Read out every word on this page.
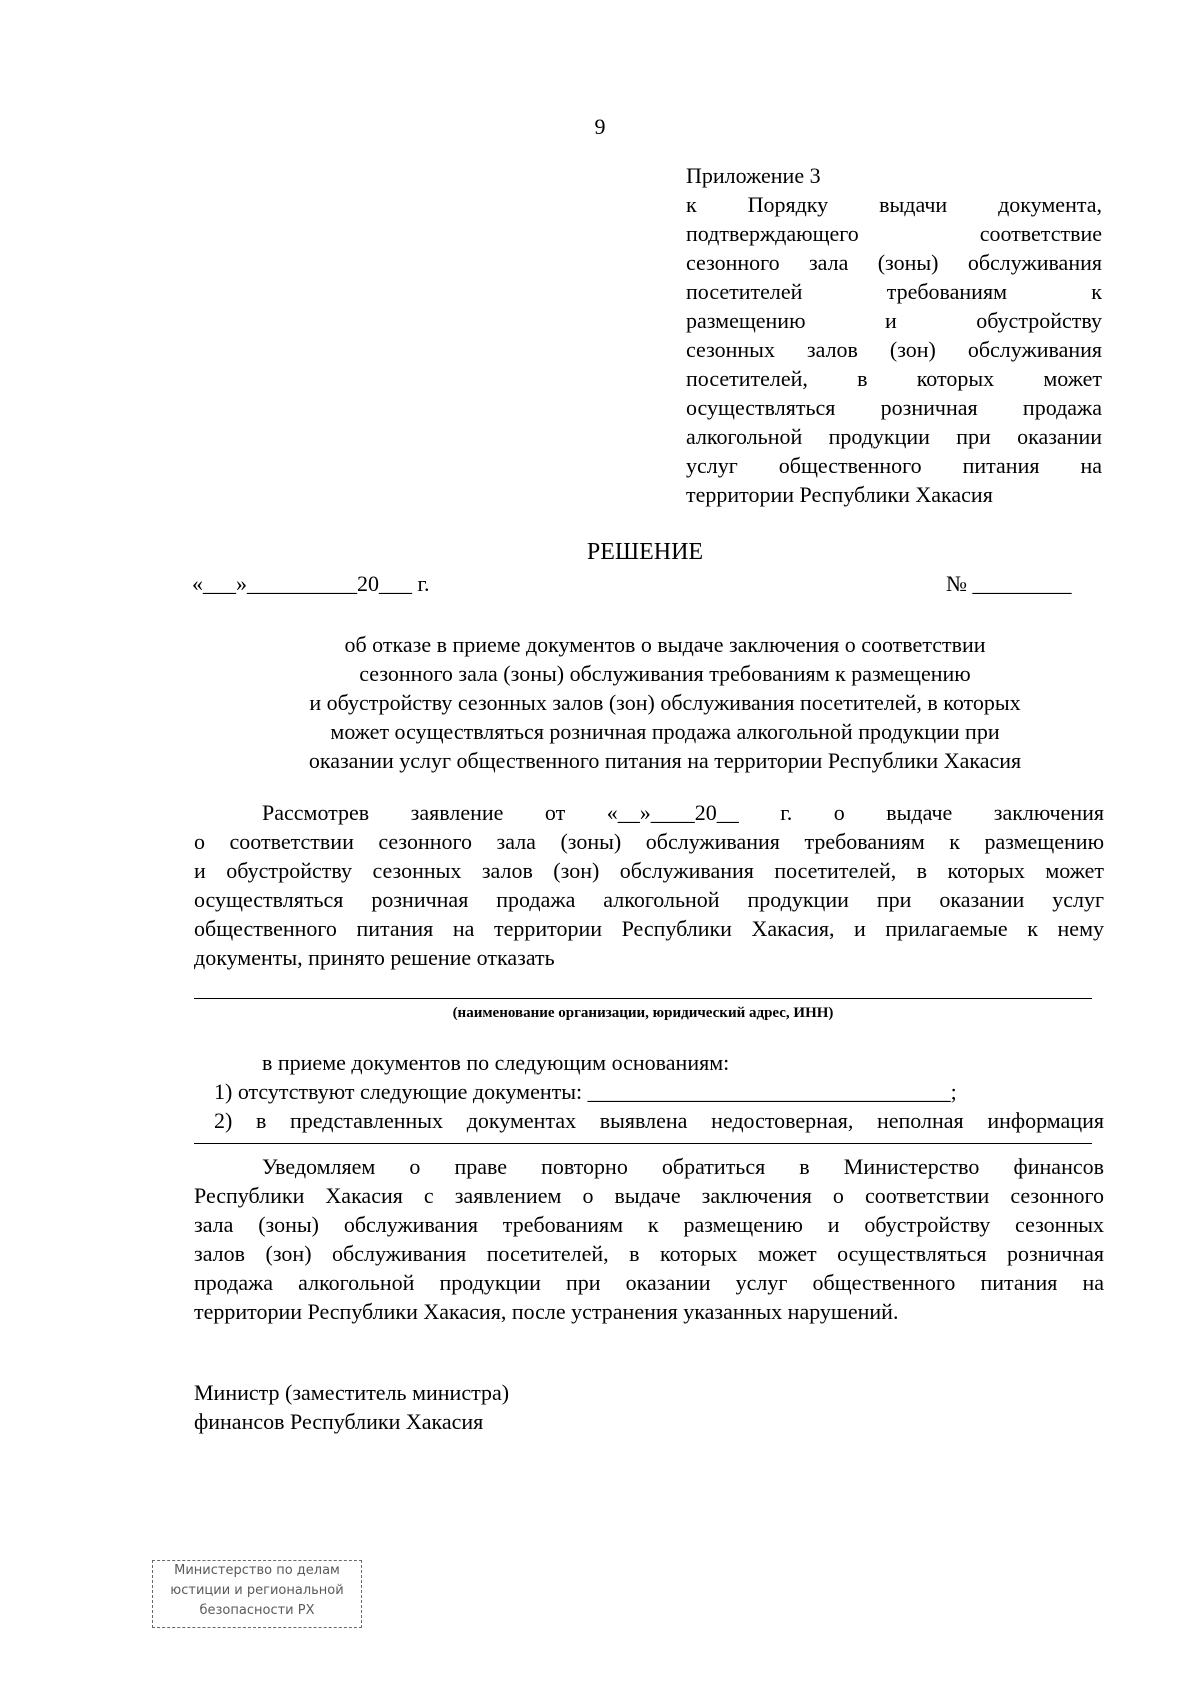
9
Приложение 3
к Порядку выдачи документа,
подтверждающего соответствие
сезонного зала (зоны) обслуживания
посетителей требованиям к
размещению и обустройству
сезонных залов (зон) обслуживания
посетителей, в которых может
осуществляться розничная продажа
алкогольной продукции при оказании
услуг общественного питания на
территории Республики Хакасия
РЕШЕНИЕ
«___»__________20___ г.	№ _________

об отказе в приеме документов о выдаче заключения о соответствии

сезонного зала (зоны) обслуживания требованиям к размещению

и обустройству сезонных залов (зон) обслуживания посетителей, в которых

может осуществляться розничная продажа алкогольной продукции при

оказании услуг общественного питания на территории Республики Хакасия

Рассмотрев заявление от «__»____20__ г. о выдаче заключения
о соответствии сезонного зала (зоны) обслуживания требованиям к размещению
и обустройству сезонных залов (зон) обслуживания посетителей, в которых может
осуществляться розничная продажа алкогольной продукции при оказании услуг
общественного питания на территории Республики Хакасия, и прилагаемые к нему
документы, принято решение отказать
(наименование организации, юридический адрес, ИНН)
в приеме документов по следующим основаниям:
1) отсутствуют следующие документы: _________________________________;
2) в представленных документах выявлена недостоверная, неполная информация
Уведомляем о праве повторно обратиться в Министерство финансов
Республики Хакасия с заявлением о выдаче заключения о соответствии сезонного
зала (зоны) обслуживания требованиям к размещению и обустройству сезонных
залов (зон) обслуживания посетителей, в которых может осуществляться розничная
продажа алкогольной продукции при оказании услуг общественного питания на
территории Республики Хакасия, после устранения указанных нарушений.
Министр (заместитель министра)
финансов Республики Хакасия
Министерство по делам
юстиции и региональной
безопасности РХ
